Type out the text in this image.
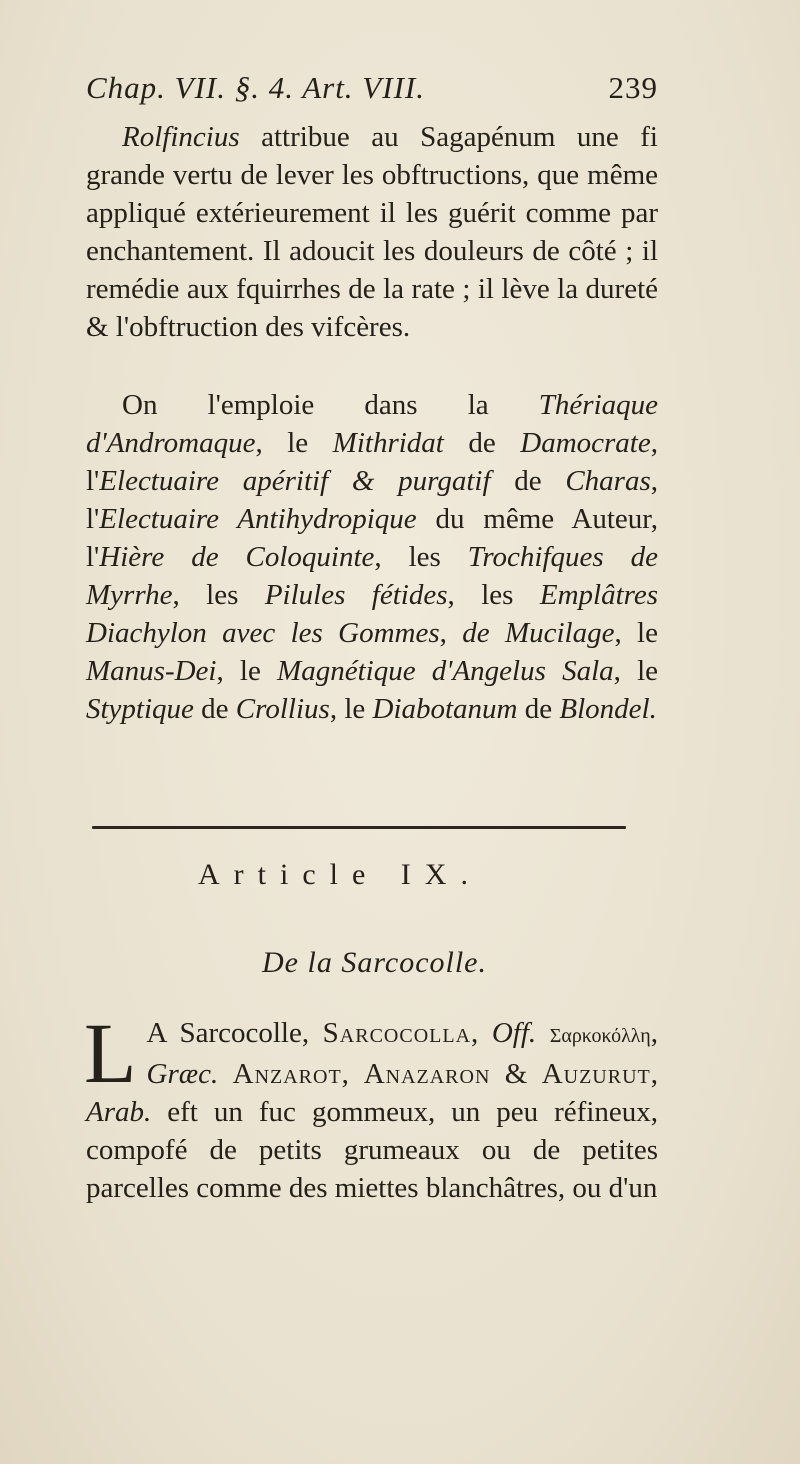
Chap. VII. §. 4. Art. VIII.	239

Rolfincius attribue au Sagapénum une fi grande vertu de lever les obftructions, que même appliqué extérieurement il les guérit comme par enchantement. Il adoucit les douleurs de côté ; il remédie aux fquirrhes de la rate ; il lève la dureté & l'obftruction des vifcères.

On l'emploie dans la Thériaque d'Andromaque, le Mithridat de Damocrate, l'Electuaire apéritif & purgatif de Charas, l'Electuaire Antihydropique du même Auteur, l'Hière de Coloquinte, les Trochifques de Myrrhe, les Pilules fétides, les Emplâtres Diachylon avec les Gommes, de Mucilage, le Manus-Dei, le Magnétique d'Angelus Sala, le Styptique de Crollius, le Diabotanum de Blondel.

Article IX.
De la Sarcocolle.

L A Sarcocolle, Sarcocolla, Off. Σαρκοκόλλη, Græc. Anzarot, Anazaron & Auzurut, Arab. eft un fuc gommeux, un peu réfineux, compofé de petits grumeaux ou de petites parcelles comme des miettes blanchâtres, ou d'un
